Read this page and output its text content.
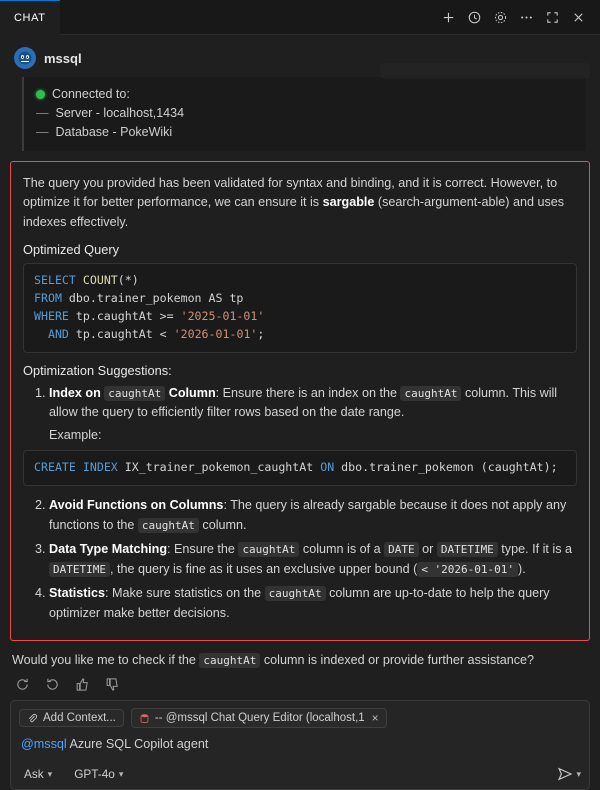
CHAT
mssql
Connected to:
— Server - localhost,1434
— Database - PokeWiki
The query you provided has been validated for syntax and binding, and it is correct. However, to optimize it for better performance, we can ensure it is sargable (search-argument-able) and uses indexes effectively.
Optimized Query
SELECT COUNT(*)
FROM dbo.trainer_pokemon AS tp
WHERE tp.caughtAt >= '2025-01-01'
AND tp.caughtAt < '2026-01-01';
Optimization Suggestions:
1. Index on caughtAt Column: Ensure there is an index on the caughtAt column. This will allow the query to efficiently filter rows based on the date range.
Example:
CREATE INDEX IX_trainer_pokemon_caughtAt ON dbo.trainer_pokemon (caughtAt);
2. Avoid Functions on Columns: The query is already sargable because it does not apply any functions to the caughtAt column.
3. Data Type Matching: Ensure the caughtAt column is of a DATE or DATETIME type. If it is a DATETIME , the query is fine as it uses an exclusive upper bound ( < '2026-01-01' ).
4. Statistics: Make sure statistics on the caughtAt column are up-to-date to help the query optimizer make better decisions.
Would you like me to check if the caughtAt column is indexed or provide further assistance?
Add Context...	-- @mssql Chat Query Editor (localhost,1 ×
@mssql Azure SQL Copilot agent
Ask ▾ GPT-4o ▾	▾
